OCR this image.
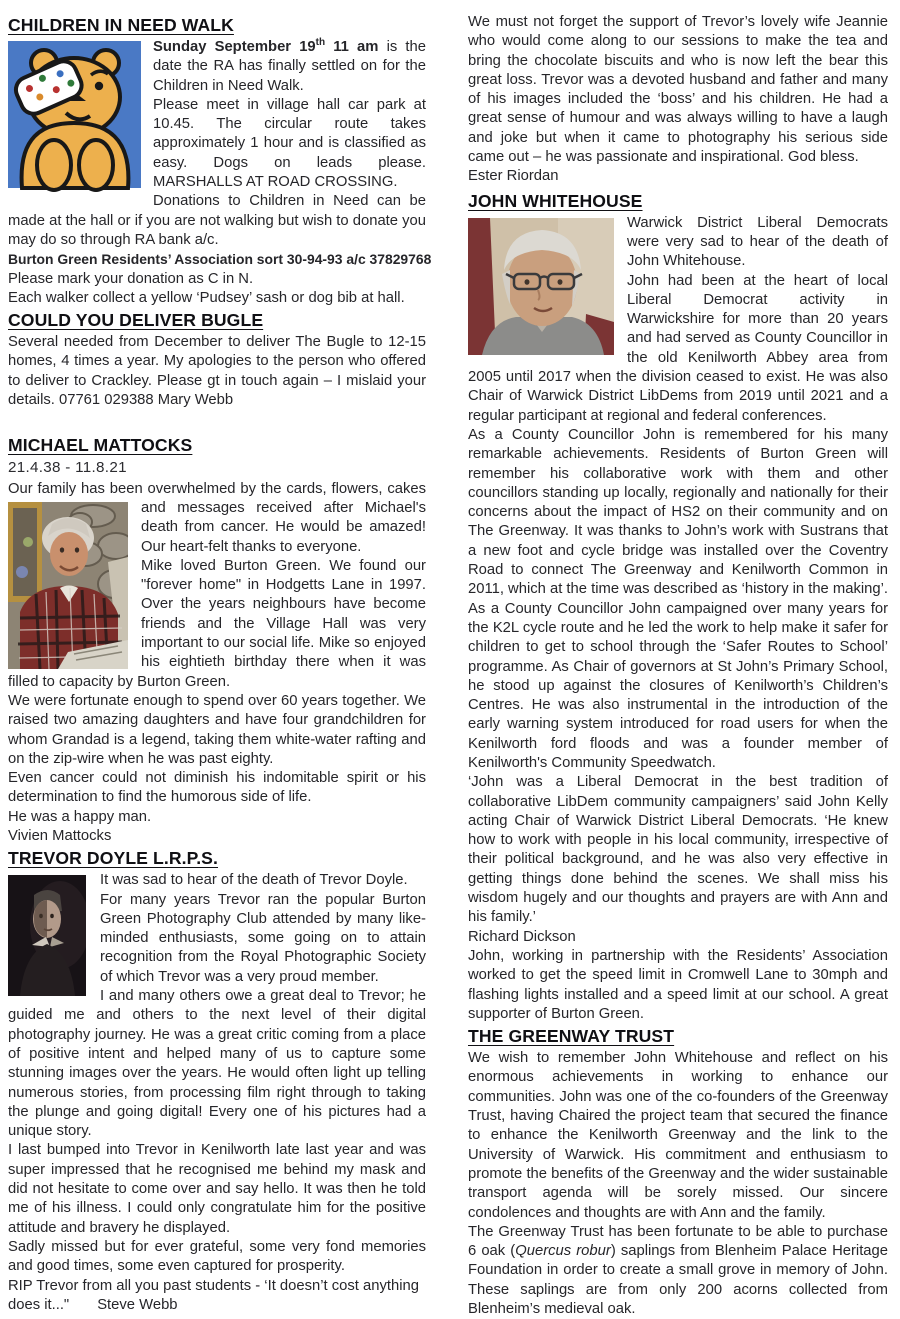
CHILDREN IN NEED WALK

Sunday September 19th 11 am is the date the RA has finally settled on for the Children in Need Walk.

Please meet in village hall car park at 10.45. The circular route takes approximately 1 hour and is classified as easy. Dogs on leads please. MARSHALLS AT ROAD CROSSING.

Donations to Children in Need can be made at the hall or if you are not walking but wish to donate you may do so through RA bank a/c.

Burton Green Residents’ Association sort 30-94-93 a/c 37829768

Please mark your donation as C in N.

Each walker collect a yellow ‘Pudsey’ sash or dog bib at hall.

COULD YOU DELIVER BUGLE

Several needed from December to deliver The Bugle to 12-15 homes, 4 times a year. My apologies to the person who offered to deliver to Crackley. Please gt in touch again – I mislaid your details. 07761 029388 Mary Webb

MICHAEL MATTOCKS

21.4.38 - 11.8.21

Our family has been overwhelmed by the cards, flowers, cakes and messages received after Michael's death from cancer. He would be amazed! Our heart-felt thanks to everyone.

Mike loved Burton Green. We found our "forever home" in Hodgetts Lane in 1997. Over the years neighbours have become friends and the Village Hall was very important to our social life. Mike so enjoyed his eightieth birthday there when it was filled to capacity by Burton Green.

We were fortunate enough to spend over 60 years together. We raised two amazing daughters and have four grandchildren for whom Grandad is a legend, taking them white-water rafting and on the zip-wire when he was past eighty.

Even cancer could not diminish his indomitable spirit or his determination to find the humorous side of life.

He was a happy man.

Vivien Mattocks

TREVOR DOYLE L.R.P.S.

It was sad to hear of the death of Trevor Doyle.

For many years Trevor ran the popular Burton Green Photography Club attended by many like-minded enthusiasts, some going on to attain recognition from the Royal Photographic Society of which Trevor was a very proud member.

I and many others owe a great deal to Trevor; he guided me and others to the next level of their digital photography journey. He was a great critic coming from a place of positive intent and helped many of us to capture some stunning images over the years. He would often light up telling numerous stories, from processing film right through to taking the plunge and going digital! Every one of his pictures had a unique story.

I last bumped into Trevor in Kenilworth late last year and was super impressed that he recognised me behind my mask and did not hesitate to come over and say hello. It was then he told me of his illness. I could only congratulate him for the positive attitude and bravery he displayed.

Sadly missed but for ever grateful, some very fond memories and good times, some even captured for prosperity.

RIP Trevor from all you past students - ‘It doesn’t cost anything does it..." Steve Webb

We must not forget the support of Trevor’s lovely wife Jeannie who would come along to our sessions to make the tea and bring the chocolate biscuits and who is now left the bear this great loss. Trevor was a devoted husband and father and many of his images included the ‘boss’ and his children. He had a great sense of humour and was always willing to have a laugh and joke but when it came to photography his serious side came out – he was passionate and inspirational. God bless.

Ester Riordan

JOHN WHITEHOUSE

Warwick District Liberal Democrats were very sad to hear of the death of John Whitehouse.

John had been at the heart of local Liberal Democrat activity in Warwickshire for more than 20 years and had served as County Councillor in the old Kenilworth Abbey area from 2005 until 2017 when the division ceased to exist. He was also Chair of Warwick District LibDems from 2019 until 2021 and a regular participant at regional and federal conferences.

As a County Councillor John is remembered for his many remarkable achievements. Residents of Burton Green will remember his collaborative work with them and other councillors standing up locally, regionally and nationally for their concerns about the impact of HS2 on their community and on The Greenway. It was thanks to John’s work with Sustrans that a new foot and cycle bridge was installed over the Coventry Road to connect The Greenway and Kenilworth Common in 2011, which at the time was described as ‘history in the making’.

As a County Councillor John campaigned over many years for the K2L cycle route and he led the work to help make it safer for children to get to school through the ‘Safer Routes to School’ programme. As Chair of governors at St John’s Primary School, he stood up against the closures of Kenilworth’s Children’s Centres. He was also instrumental in the introduction of the early warning system introduced for road users for when the Kenilworth ford floods and was a founder member of Kenilworth's Community Speedwatch.

‘John was a Liberal Democrat in the best tradition of collaborative LibDem community campaigners’ said John Kelly acting Chair of Warwick District Liberal Democrats. ‘He knew how to work with people in his local community, irrespective of their political background, and he was also very effective in getting things done behind the scenes. We shall miss his wisdom hugely and our thoughts and prayers are with Ann and his family.’

Richard Dickson

John, working in partnership with the Residents’ Association worked to get the speed limit in Cromwell Lane to 30mph and flashing lights installed and a speed limit at our school. A great supporter of Burton Green.

THE GREENWAY TRUST

We wish to remember John Whitehouse and reflect on his enormous achievements in working to enhance our communities. John was one of the co-founders of the Greenway Trust, having Chaired the project team that secured the finance to enhance the Kenilworth Greenway and the link to the University of Warwick. His commitment and enthusiasm to promote the benefits of the Greenway and the wider sustainable transport agenda will be sorely missed. Our sincere condolences and thoughts are with Ann and the family.

The Greenway Trust has been fortunate to be able to purchase 6 oak (Quercus robur) saplings from Blenheim Palace Heritage Foundation in order to create a small grove in memory of John. These saplings are from only 200 acorns collected from Blenheim’s medieval oak.
